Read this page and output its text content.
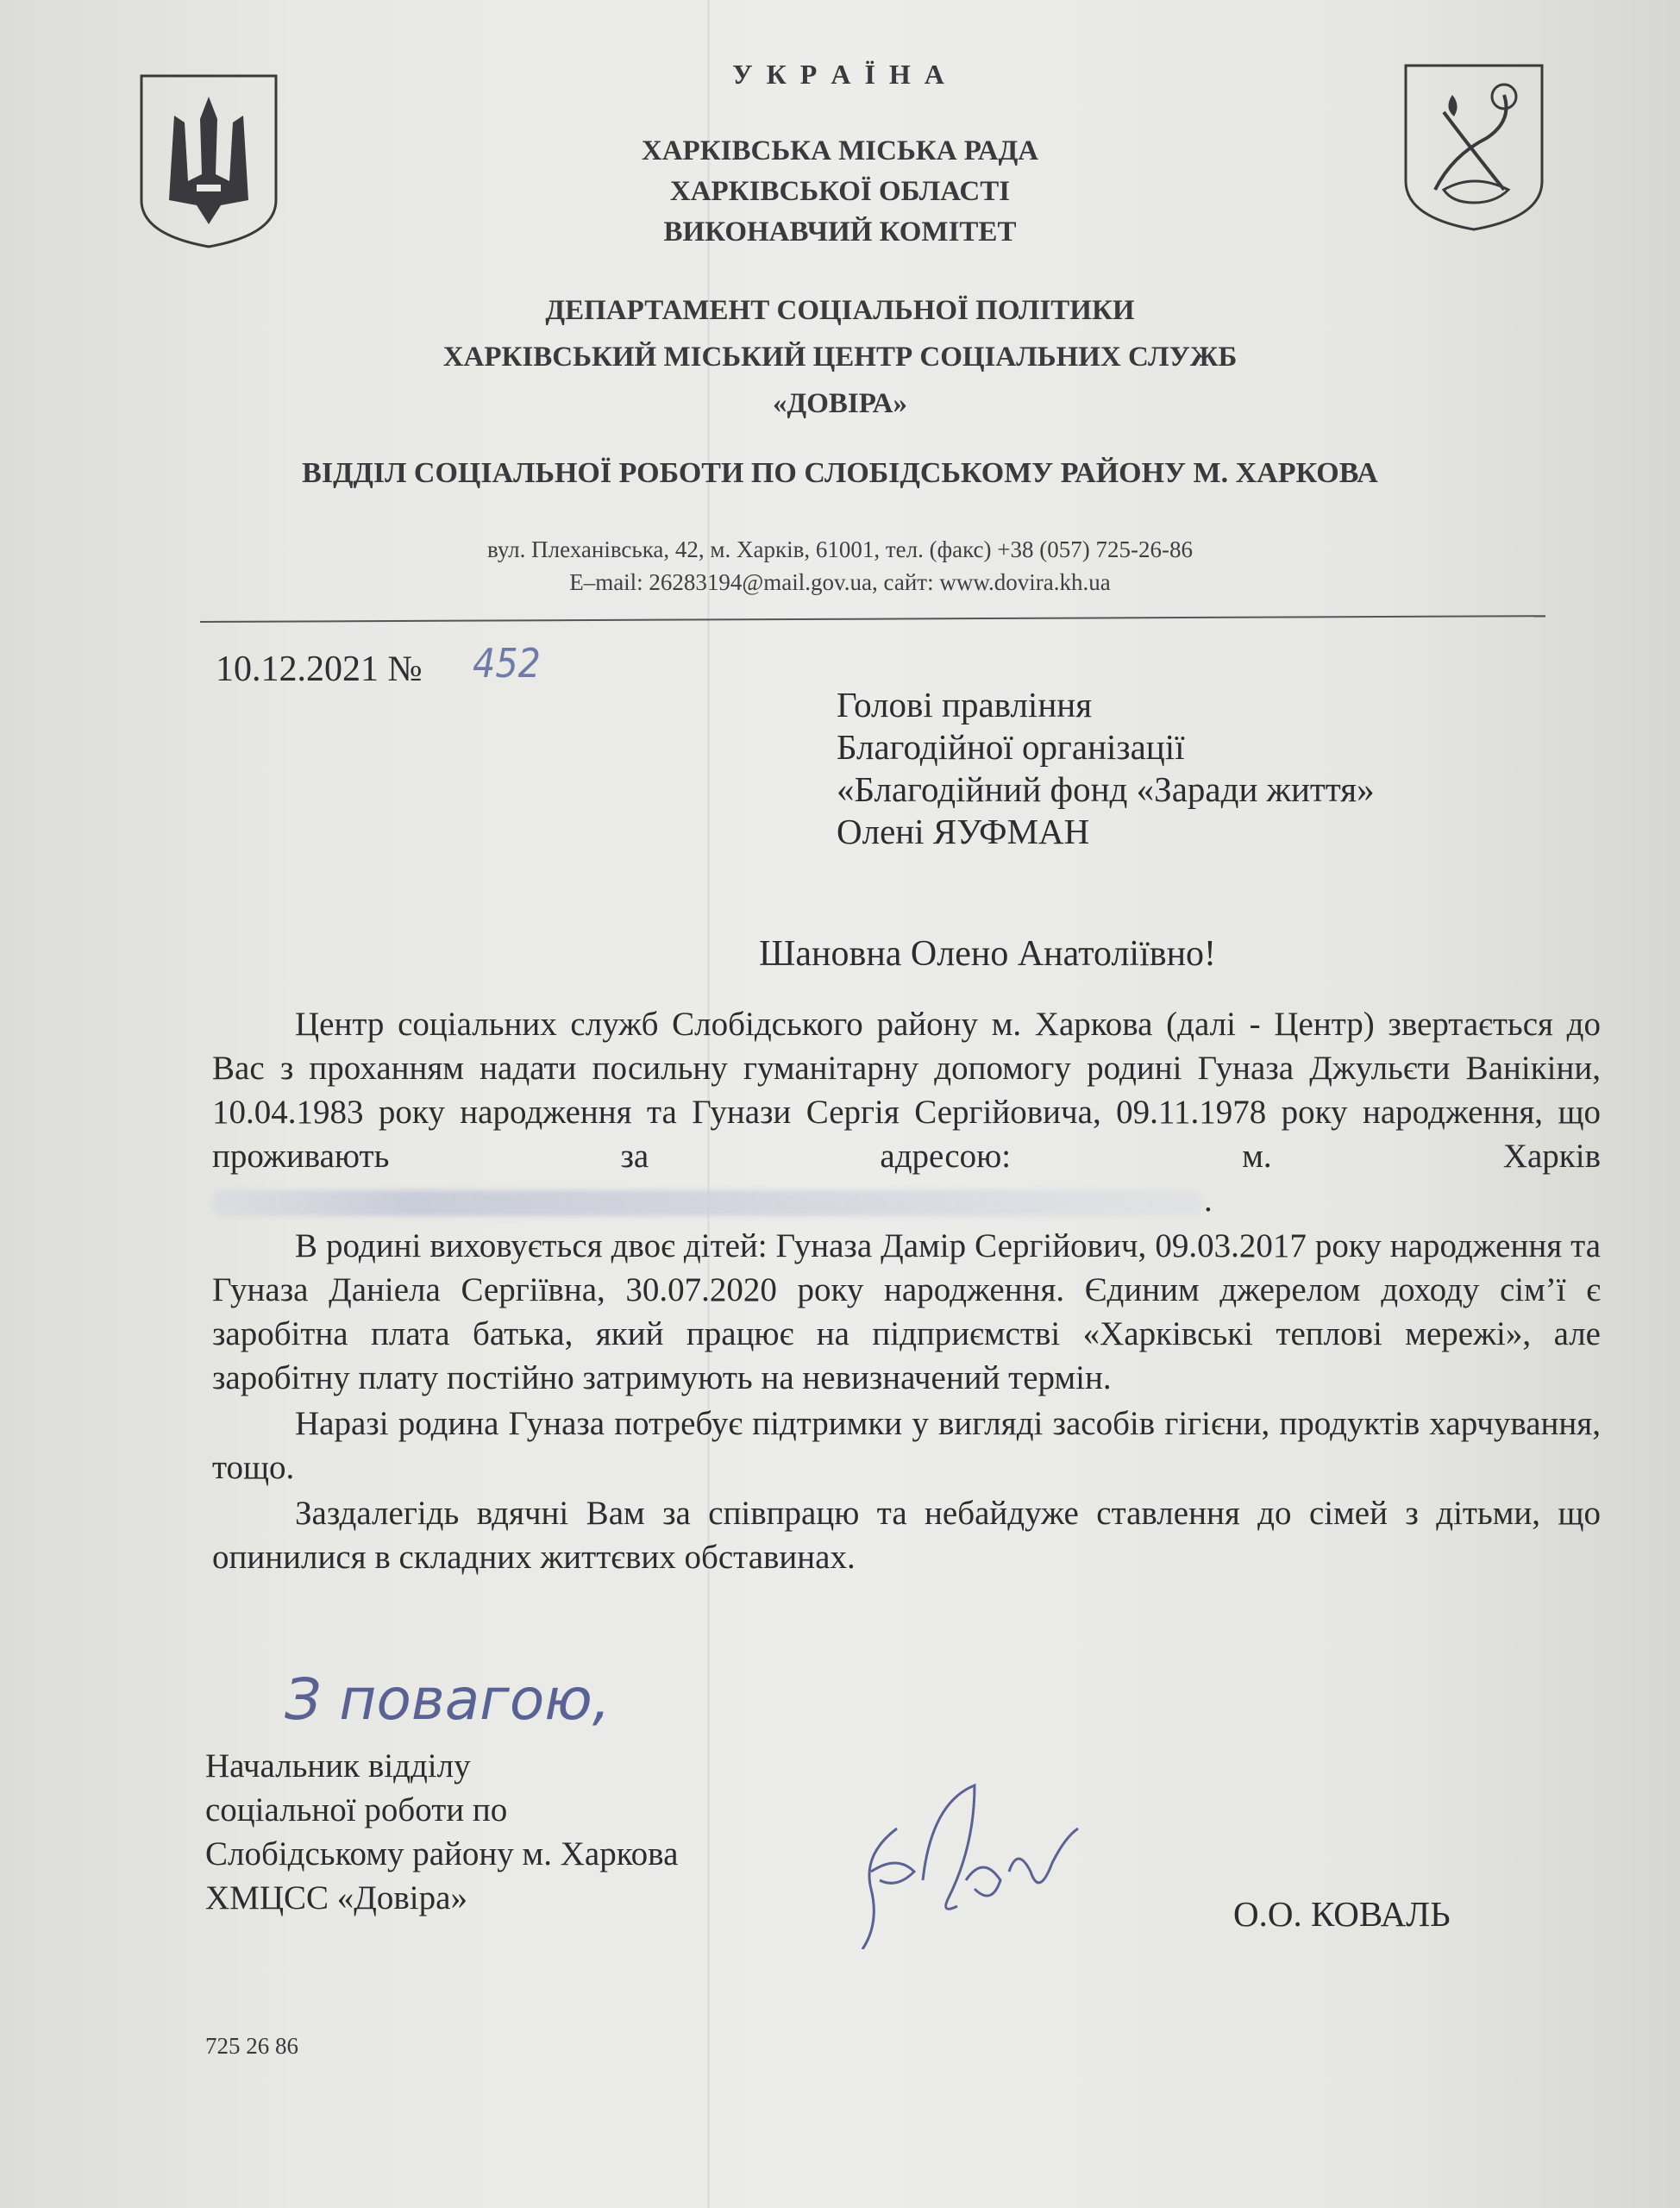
У К Р А Ї Н А
ХАРКІВСЬКА МІСЬКА РАДА
ХАРКІВСЬКОЇ ОБЛАСТІ
ВИКОНАВЧИЙ КОМІТЕТ
ДЕПАРТАМЕНТ СОЦІАЛЬНОЇ ПОЛІТИКИ
ХАРКІВСЬКИЙ МІСЬКИЙ ЦЕНТР СОЦІАЛЬНИХ СЛУЖБ
«ДОВІРА»
ВІДДІЛ СОЦІАЛЬНОЇ РОБОТИ ПО СЛОБІДСЬКОМУ РАЙОНУ М. ХАРКОВА
вул. Плеханівська, 42, м. Харків, 61001, тел. (факс) +38 (057) 725-26-86
E–mail: 26283194@mail.gov.ua, сайт: www.dovira.kh.ua
10.12.2021 № 452
Голові правління
Благодійної організації
«Благодійний фонд «Заради життя»
Олені ЯУФМАН
Шановна Олено Анатоліївно!

Центр соціальних служб Слобідського району м. Харкова (далі - Центр) звертається до Вас з проханням надати посильну гуманітарну допомогу родині Гуназа Джульєти Ванікіни, 10.04.1983 року народження та Гунази Сергія Сергійовича, 09.11.1978 року народження, що проживають за адресою: м. Харків.

В родині виховується двоє дітей: Гуназа Дамір Сергійович, 09.03.2017 року народження та Гуназа Даніела Сергіївна, 30.07.2020 року народження. Єдиним джерелом доходу сім’ї є заробітна плата батька, який працює на підприємстві «Харківські теплові мережі», але заробітну плату постійно затримують на невизначений термін.

Наразі родина Гуназа потребує підтримки у вигляді засобів гігієни, продуктів харчування, тощо.

Заздалегідь вдячні Вам за співпрацю та небайдуже ставлення до сімей з дітьми, що опинилися в складних життєвих обставинах.

З повагою,
Начальник відділу
соціальної роботи по
Слобідському району м. Харкова
ХМЦСС «Довіра»	О.О. КОВАЛЬ
725 26 86
